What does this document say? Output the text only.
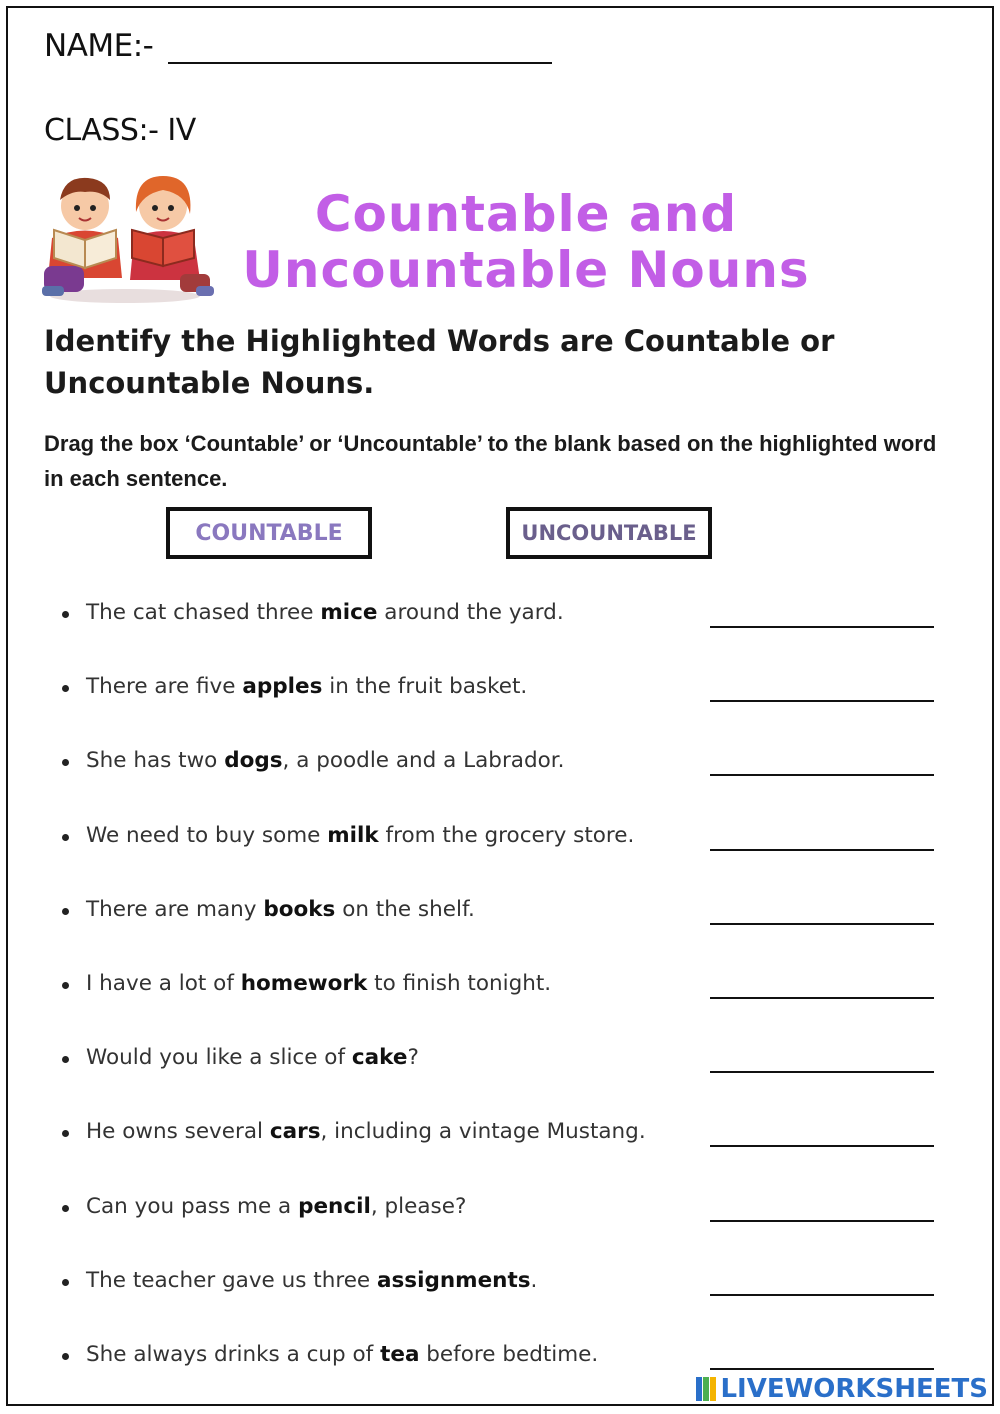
NAME:-
CLASS:- IV
Countable and
Uncountable Nouns
Identify the Highlighted Words are Countable or Uncountable Nouns.
Drag the box ‘Countable’ or ‘Uncountable’ to the blank based on the highlighted word in each sentence.
COUNTABLE	UNCOUNTABLE
The cat chased three mice around the yard.
There are five apples in the fruit basket.
She has two dogs, a poodle and a Labrador.
We need to buy some milk from the grocery store.
There are many books on the shelf.
I have a lot of homework to finish tonight.
Would you like a slice of cake?
He owns several cars, including a vintage Mustang.
Can you pass me a pencil, please?
The teacher gave us three assignments.
She always drinks a cup of tea before bedtime.
LIVEWORKSHEETS
